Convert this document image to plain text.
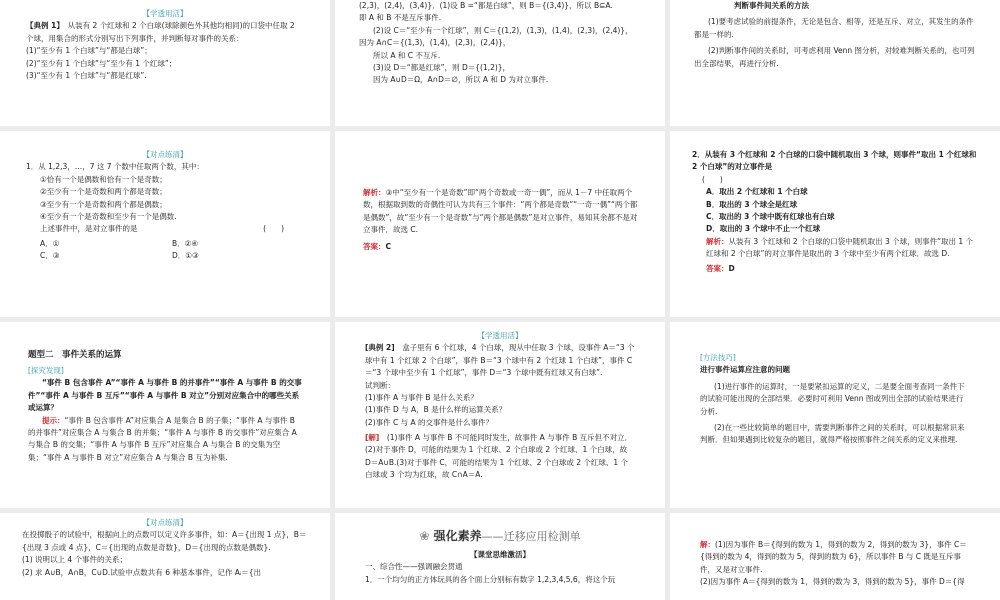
【学透用活】

【典例 1】　 从装有 2 个红球和 2 个白球(球除颜色外其他均相同)的口袋中任取 2 个球，用集合的形式分别写出下列事件，并判断每对事件的关系：

(1)“至少有 1 个白球”与“都是白球”；

(2)“至少有 1 个白球”与“至少有 1 个红球”；

(3)“至少有 1 个白球”与“都是红球”.

(2,3)，(2,4)，(3,4)}．(1)设 B =“都是白球”，则 B＝{(3,4)}，所以 B⊆A.

即 A 和 B 不是互斥事件.

(2)设 C＝“至少有一个红球”，则 C＝{(1,2)，(1,3)，(1,4)，(2,3)，(2,4)}，

因为 A∩C＝{(1,3)，(1,4)，(2,3)，(2,4)}，

所以 A 和 C 不互斥.

(3)设 D＝“都是红球”，则 D＝{(1,2)}，

因为 A∪D＝Ω，A∩D＝∅，所以 A 和 D 为对立事件.

判断事件间关系的方法

(1)要考虑试验的前提条件，无论是包含、相等，还是互斥、对立，其发生的条件都是一样的.

(2)判断事件间的关系时，可考虑利用 Venn 图分析，对较难判断关系的，也可列出全部结果，再进行分析.

【对点练清】

1．从 1,2,3，…，7 这 7 个数中任取两个数，其中：

①恰有一个是偶数和恰有一个是奇数；

②至少有一个是奇数和两个都是奇数；

③至少有一个是奇数和两个都是偶数；

④至少有一个是奇数和至少有一个是偶数.

上述事件中，是对立事件的是	(　　)

A．①	B．②④
C．③	D．①③

解析：③中“至少有一个是奇数”即“两个奇数或一奇一偶”，而从 1－7 中任取两个数，根据取到数的奇偶性可认为共有三个事件：“两个都是奇数”“一奇一偶”“两个都是偶数”，故“至少有一个是奇数”与“两个都是偶数”是对立事件，易知其余都不是对立事件．故选 C.

答案：C

2．从装有 3 个红球和 2 个白球的口袋中随机取出 3 个球，则事件“取出 1 个红球和 2 个白球”的对立事件是

(　　)

A．取出 2 个红球和 1 个白球

B．取出的 3 个球全是红球

C．取出的 3 个球中既有红球也有白球

D．取出的 3 个球中不止一个红球

解析：从装有 3 个红球和 2 个白球的口袋中随机取出 3 个球，则事件“取出 1 个红球和 2 个白球”的对立事件是取出的 3 个球中至少有两个红球．故选 D.

答案：D

题型二　事件关系的运算

[探究发现]

“事件 B 包含事件 A”“事件 A 与事件 B 的并事件”“事件 A 与事件 B 的交事件”“事件 A 与事件 B 互斥”“事件 A 与事件 B 对立”分别对应集合中的哪些关系或运算？

提示：“事件 B 包含事件 A”对应集合 A 是集合 B 的子集；“事件 A 与事件 B 的并事件”对应集合 A 与集合 B 的并集；“事件 A 与事件 B 的交事件”对应集合 A 与集合 B 的交集；“事件 A 与事件 B 互斥”对应集合 A 与集合 B 的交集为空集；“事件 A 与事件 B 对立”对应集合 A 与集合 B 互为补集.

【学透用活】

[典例 2]　 盒子里有 6 个红球，4 个白球，现从中任取 3 个球，设事件 A＝“3 个球中有 1 个红球 2 个白球”，事件 B＝“3 个球中有 2 个红球 1 个白球”，事件 C＝“3 个球中至少有 1 个红球”，事件 D＝“3 个球中既有红球又有白球”.

试判断：

(1)事件 A 与事件 B 是什么关系？

(1)事件 D 与 A，B 是什么样的运算关系？

(2)事件 C 与 A 的交事件是什么事件？

[解]　 (1)事件 A 与事件 B 不可能同时发生，故事件 A 与事件 B 互斥但不对立．(2)对于事件 D，可能的结果为 1 个红球、2 个白球或 2 个红球、1 个白球，故 D＝A∪B.(3)对于事件 C，可能的结果为 1 个红球、2 个白球或 2 个红球、1 个白球或 3 个均为红球，故 C∩A＝A.

[方法技巧]

进行事件运算应注意的问题

(1)进行事件的运算时，一是要紧扣运算的定义，二是要全面考查同一条件下的试验可能出现的全部结果．必要时可利用 Venn 图或列出全部的试验结果进行分析.

(2)在一些比较简单的题目中，需要判断事件之间的关系时，可以根据常识来判断．但如果遇到比较复杂的题目，就得严格按照事件之间关系的定义来推理.

【对点练清】

在投掷骰子的试验中，根据向上的点数可以定义许多事件，如：A＝{出现 1 点}，B＝{出现 3 点或 4 点}，C＝{出现的点数是奇数}，D＝{出现的点数是偶数}.

(1) 说明以上 4 个事件的关系；

(2) 求 A∪B，A∩B，C∪D.试验中点数共有 6 种基本事件，记作 Aᵢ＝{出

❀ 强化素养——迁移应用检测单

【课堂思维激活】

一、综合性——强调融会贯通

1．一个均匀的正方体玩具的各个面上分别标有数字 1,2,3,4,5,6，将这个玩

解：(1)因为事件 B＝{得到的数为 1，得到的数为 2，得到的数为 3}，事件 C＝{得到的数为 4，得到的数为 5，得到的数为 6}，所以事件 B 与 C 既是互斥事件，又是对立事件.

(2)因为事件 A＝{得到的数为 1，得到的数为 3，得到的数为 5}，事件 D＝{得
